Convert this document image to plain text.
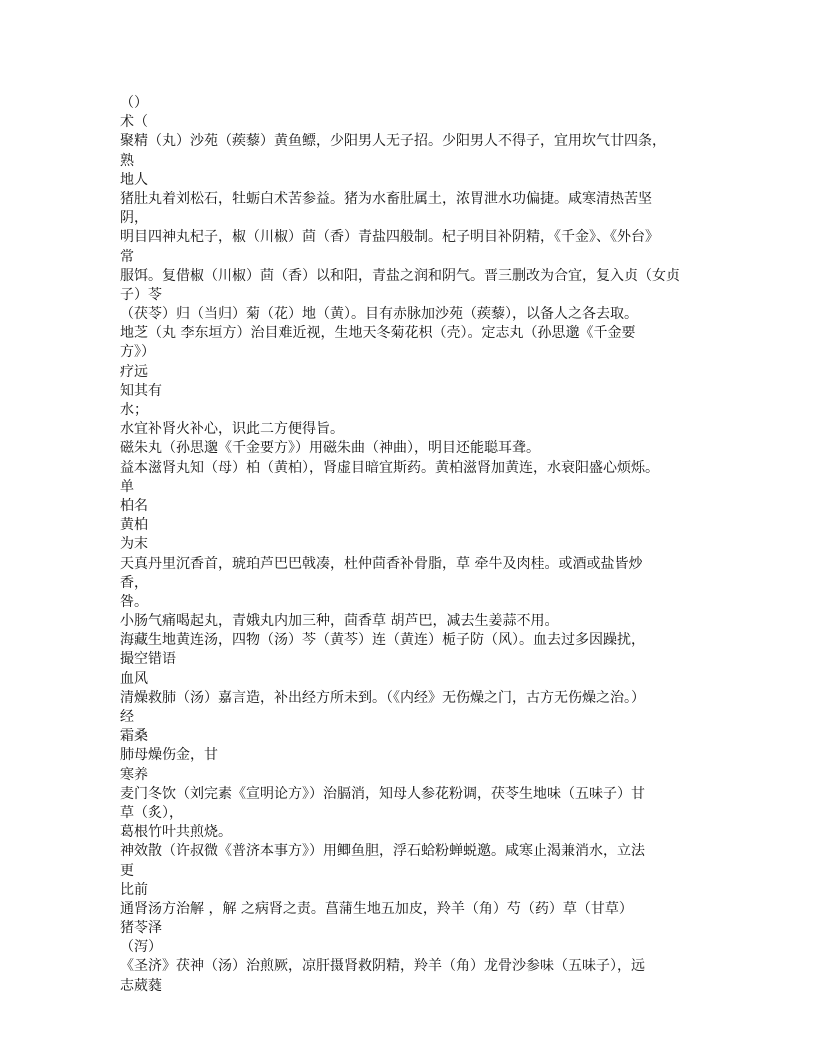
（）
术（
聚精（丸）沙苑（蒺藜）黄鱼鳔，少阳男人无子招。少阳男人不得子，宜用坎气廿四条，
熟
地人
猪肚丸着刘松石，牡蛎白术苦参益。猪为水畜肚属土，浓胃泄水功偏捷。咸寒清热苦坚
阴，
明目四神丸杞子，椒（川椒）茴（香）青盐四般制。杞子明目补阴精，《千金》、《外台》
常
服饵。复借椒（川椒）茴（香）以和阳，青盐之润和阴气。晋三删改为合宜，复入贞（女贞
子）苓
（茯苓）归（当归）菊（花）地（黄）。目有赤脉加沙苑（蒺藜），以备人之各去取。
地芝（丸 李东垣方）治目难近视，生地天冬菊花枳（壳）。定志丸（孙思邈《千金要
方》）
疗远
知其有
水；
水宜补肾火补心，识此二方便得旨。
磁朱丸（孙思邈《千金要方》）用磁朱曲（神曲），明目还能聪耳聋。
益本滋肾丸知（母）柏（黄柏），肾虚目暗宜斯药。黄柏滋肾加黄连，水衰阳盛心烦烁。
单
柏名
黄柏
为末
天真丹里沉香首，琥珀芦巴巴戟凑，杜仲茴香补骨脂，草 牵牛及肉桂。或酒或盐皆炒
香，
咎。
小肠气痛喝起丸，青娥丸内加三种，茴香草 胡芦巴，减去生姜蒜不用。
海藏生地黄连汤，四物（汤）芩（黄芩）连（黄连）栀子防（风）。血去过多因躁扰，
撮空错语
血风
清燥救肺（汤）嘉言造，补出经方所未到。（《内经》无伤燥之门，古方无伤燥之治。）
经
霜桑
肺母燥伤金，甘
寒养
麦门冬饮（刘完素《宣明论方》）治膈消，知母人参花粉调，茯苓生地味（五味子）甘
草（炙），
葛根竹叶共煎烧。
神效散（许叔微《普济本事方》）用鲫鱼胆，浮石蛤粉蝉蜕邀。咸寒止渴兼消水，立法
更
比前
通肾汤方治解 ，解 之病肾之责。菖蒲生地五加皮，羚羊（角）芍（药）草（甘草）
猪苓泽
（泻）
《圣济》茯神（汤）治煎厥，凉肝摄肾救阴精，羚羊（角）龙骨沙参味（五味子），远
志葳蕤
